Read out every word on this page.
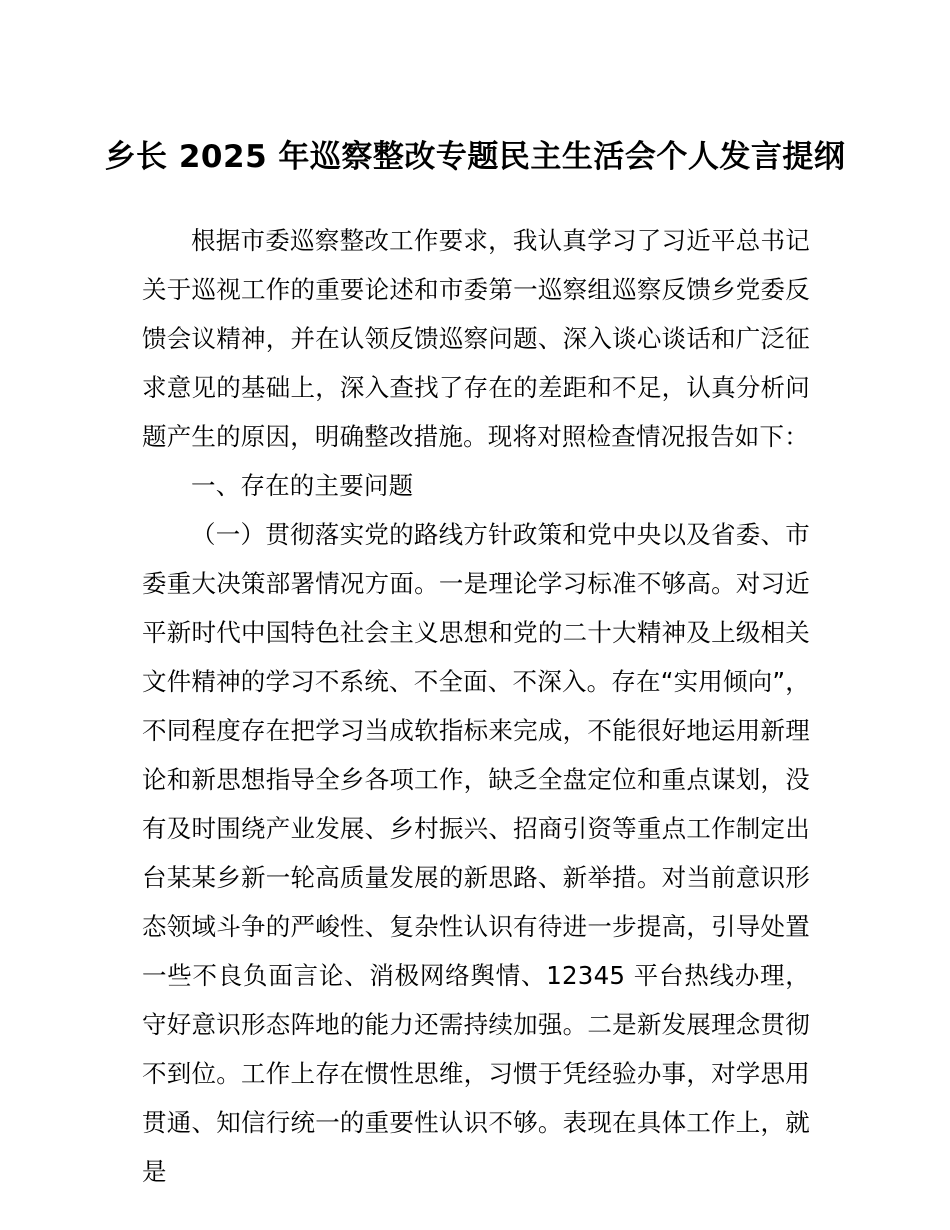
乡长 2025 年巡察整改专题民主生活会个人发言提纲

根据市委巡察整改工作要求，我认真学习了习近平总书记关于巡视工作的重要论述和市委第一巡察组巡察反馈乡党委反馈会议精神，并在认领反馈巡察问题、深入谈心谈话和广泛征求意见的基础上，深入查找了存在的差距和不足，认真分析问题产生的原因，明确整改措施。现将对照检查情况报告如下：

一、存在的主要问题

（一）贯彻落实党的路线方针政策和党中央以及省委、市委重大决策部署情况方面。一是理论学习标准不够高。对习近平新时代中国特色社会主义思想和党的二十大精神及上级相关文件精神的学习不系统、不全面、不深入。存在“实用倾向”，不同程度存在把学习当成软指标来完成，不能很好地运用新理论和新思想指导全乡各项工作，缺乏全盘定位和重点谋划，没有及时围绕产业发展、乡村振兴、招商引资等重点工作制定出台某某乡新一轮高质量发展的新思路、新举措。对当前意识形态领域斗争的严峻性、复杂性认识有待进一步提高，引导处置一些不良负面言论、消极网络舆情、12345 平台热线办理，守好意识形态阵地的能力还需持续加强。二是新发展理念贯彻不到位。工作上存在惯性思维，习惯于凭经验办事，对学思用贯通、知信行统一的重要性认识不够。表现在具体工作上，就是
